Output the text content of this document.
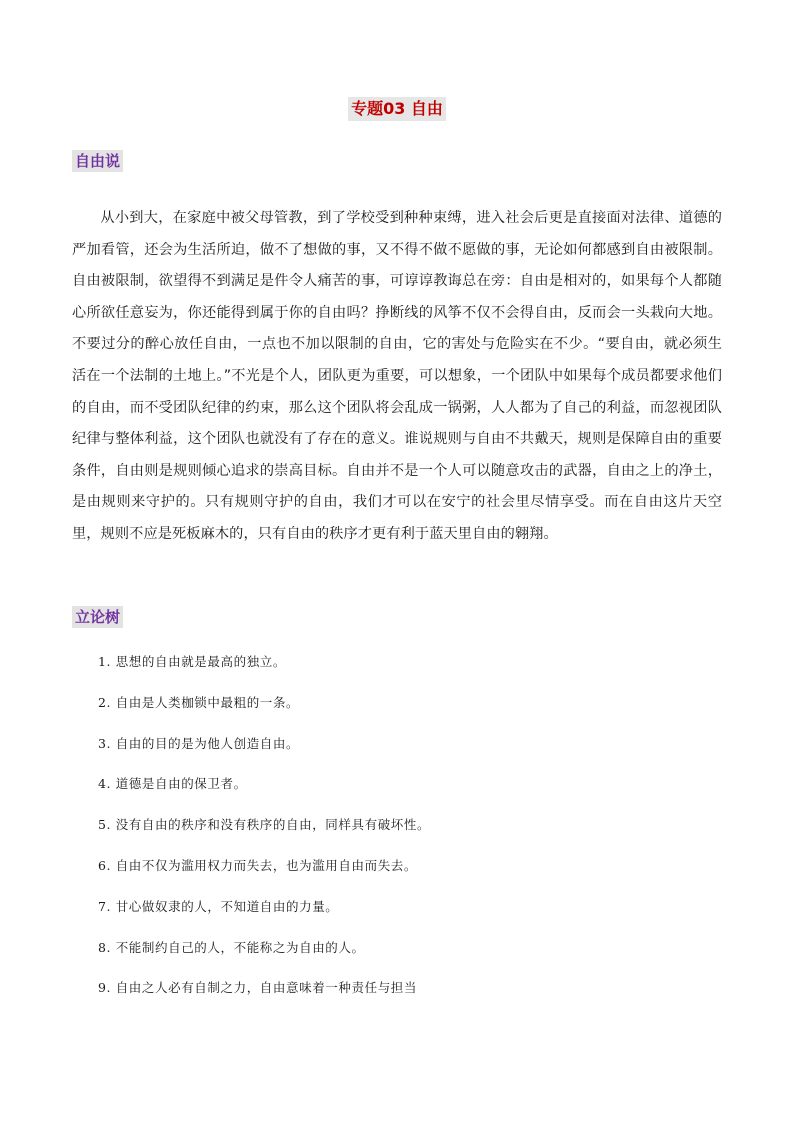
专题03 自由
自由说

从小到大，在家庭中被父母管教，到了学校受到种种束缚，进入社会后更是直接面对法律、道德的严加看管，还会为生活所迫，做不了想做的事，又不得不做不愿做的事，无论如何都感到自由被限制。自由被限制，欲望得不到满足是件令人痛苦的事，可谆谆教诲总在旁：自由是相对的，如果每个人都随心所欲任意妄为，你还能得到属于你的自由吗？挣断线的风筝不仅不会得自由，反而会一头栽向大地。不要过分的醉心放任自由，一点也不加以限制的自由，它的害处与危险实在不少。“要自由，就必须生活在一个法制的土地上。”不光是个人，团队更为重要，可以想象，一个团队中如果每个成员都要求他们的自由，而不受团队纪律的约束，那么这个团队将会乱成一锅粥，人人都为了自己的利益，而忽视团队纪律与整体利益，这个团队也就没有了存在的意义。谁说规则与自由不共戴天，规则是保障自由的重要条件，自由则是规则倾心追求的崇高目标。自由并不是一个人可以随意攻击的武器，自由之上的净土，是由规则来守护的。只有规则守护的自由，我们才可以在安宁的社会里尽情享受。而在自由这片天空里，规则不应是死板麻木的，只有自由的秩序才更有利于蓝天里自由的翱翔。

立论树
1. 思想的自由就是最高的独立。
2. 自由是人类枷锁中最粗的一条。
3. 自由的目的是为他人创造自由。
4. 道德是自由的保卫者。
5. 没有自由的秩序和没有秩序的自由，同样具有破坏性。
6. 自由不仅为滥用权力而失去，也为滥用自由而失去。
7. 甘心做奴隶的人，不知道自由的力量。
8. 不能制约自己的人，不能称之为自由的人。
9. 自由之人必有自制之力，自由意味着一种责任与担当
